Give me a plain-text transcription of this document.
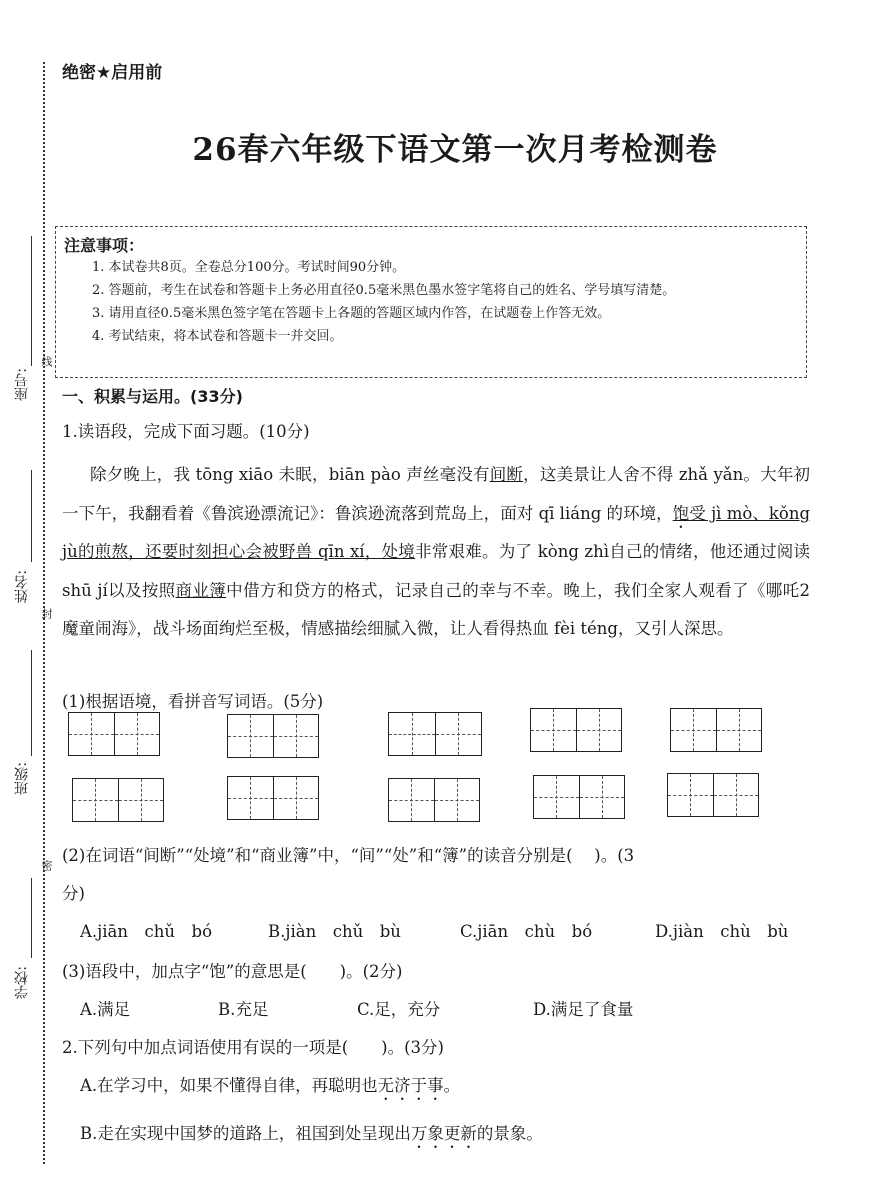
座号:
线
姓名:
封
班级:
密
学校:
绝密★启用前
26春六年级下语文第一次月考检测卷
注意事项：
1. 本试卷共8页。全卷总分100分。考试时间90分钟。
2. 答题前，考生在试卷和答题卡上务必用直径0.5毫米黑色墨水签字笔将自己的姓名、学号填写清楚。
3. 请用直径0.5毫米黑色签字笔在答题卡上各题的答题区域内作答，在试题卷上作答无效。
4. 考试结束，将本试卷和答题卡一并交回。
一、积累与运用。(33分)
1.读语段，完成下面习题。(10分)
除夕晚上，我 tōng xiāo 未眠，biān pào 声丝毫没有间断，这美景让人舍不得 zhǎ yǎn。大年初一下午，我翻看着《鲁滨逊漂流记》：鲁滨逊流落到荒岛上，面对 qī liáng 的环境，饱受 jì mò、kǒng jù的煎熬，还要时刻担心会被野兽 qīn xí，处境非常艰难。为了 kòng zhì自己的情绪，他还通过阅读 shū jí以及按照商业簿中借方和贷方的格式，记录自己的幸与不幸。晚上，我们全家人观看了《哪吒2魔童闹海》，战斗场面绚烂至极，情感描绘细腻入微，让人看得热血 fèi téng，又引人深思。
(1)根据语境，看拼音写词语。(5分)
(2)在词语“间断”“处境”和“商业簿”中，“间”“处”和“簿”的读音分别是(　 )。(3
分)
A.jiān　chǔ　bó	B.jiàn　chǔ　bù	C.jiān　chù　bó	D.jiàn　chù　bù
(3)语段中，加点字“饱”的意思是(　　)。(2分)
A.满足	B.充足	C.足，充分	D.满足了食量
2.下列句中加点词语使用有误的一项是(　　)。(3分)
A.在学习中，如果不懂得自律，再聪明也无济于事。
B.走在实现中国梦的道路上，祖国到处呈现出万象更新的景象。
